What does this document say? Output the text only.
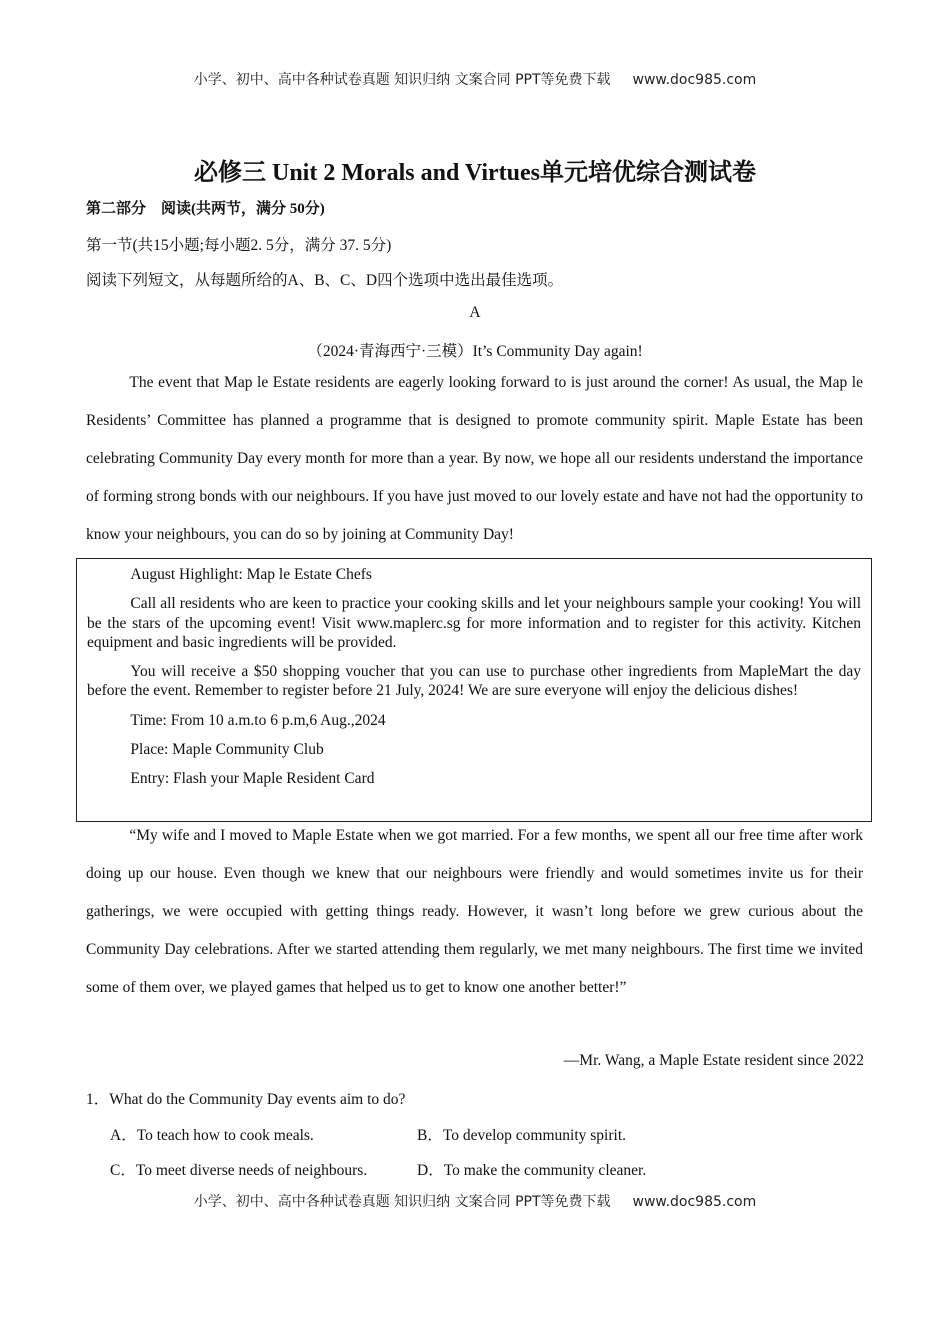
小学、初中、高中各种试卷真题 知识归纳 文案合同 PPT等免费下载 www.doc985.com
必修三 Unit 2 Morals and Virtues单元培优综合测试卷
第二部分　阅读(共两节，满分 50分)
第一节(共15小题;每小题2. 5分，满分 37. 5分)
阅读下列短文，从每题所给的A、B、C、D四个选项中选出最佳选项。
A
（2024·青海西宁·三模）It’s Community Day again!

The event that Map le Estate residents are eagerly looking forward to is just around the corner! As usual, the Map le Residents’ Committee has planned a programme that is designed to promote community spirit. Maple Estate has been celebrating Community Day every month for more than a year. By now, we hope all our residents understand the importance of forming strong bonds with our neighbours. If you have just moved to our lovely estate and have not had the opportunity to know your neighbours, you can do so by joining at Community Day!

August Highlight: Map le Estate Chefs

Call all residents who are keen to practice your cooking skills and let your neighbours sample your cooking! You will be the stars of the upcoming event! Visit www.maplerc.sg for more information and to register for this activity. Kitchen equipment and basic ingredients will be provided.

You will receive a $50 shopping voucher that you can use to purchase other ingredients from MapleMart the day before the event. Remember to register before 21 July, 2024! We are sure everyone will enjoy the delicious dishes!

Time: From 10 a.m.to 6 p.m,6 Aug.,2024

Place: Maple Community Club

Entry: Flash your Maple Resident Card

“My wife and I moved to Maple Estate when we got married. For a few months, we spent all our free time after work doing up our house. Even though we knew that our neighbours were friendly and would sometimes invite us for their gatherings, we were occupied with getting things ready. However, it wasn’t long before we grew curious about the Community Day celebrations. After we started attending them regularly, we met many neighbours. The first time we invited some of them over, we played games that helped us to get to know one another better!”

—Mr. Wang, a Maple Estate resident since 2022
1．What do the Community Day events aim to do?
A．To teach how to cook meals.	B．To develop community spirit.
C．To meet diverse needs of neighbours.	D．To make the community cleaner.
小学、初中、高中各种试卷真题 知识归纳 文案合同 PPT等免费下载 www.doc985.com
